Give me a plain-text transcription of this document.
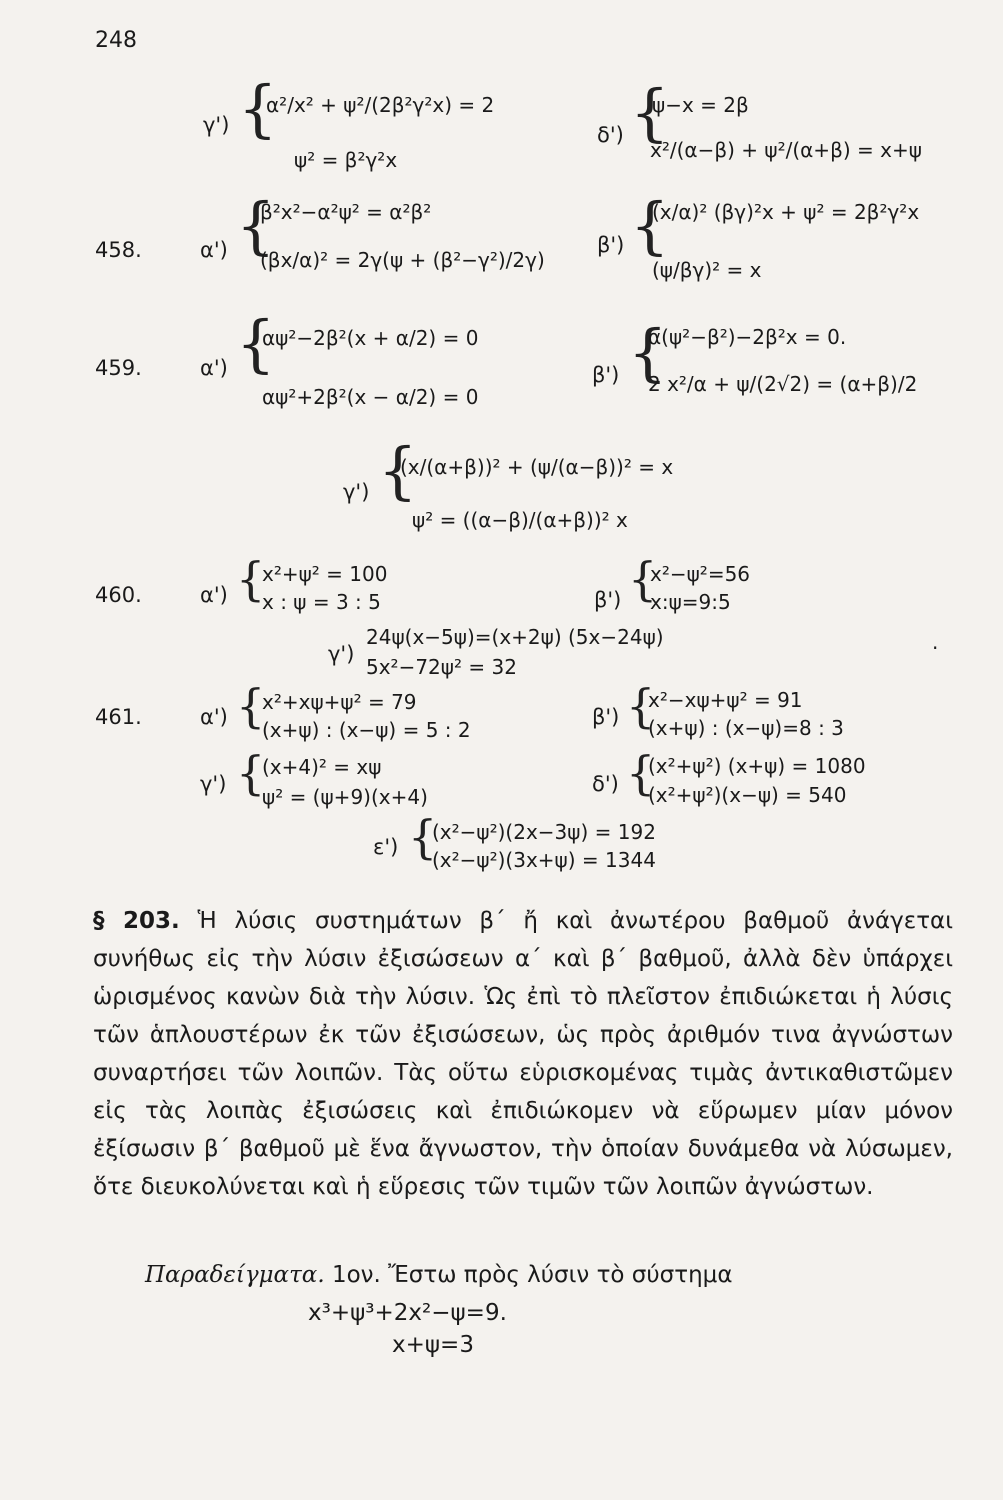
248
γ') {
α²/x² + ψ²/(2β²γ²x) = 2
ψ² = β²γ²x
δ') {
ψ−x = 2β
x²/(α−β) + ψ²/(α+β) = x+ψ
458.	α') {
β²x²−α²ψ² = α²β²
(βx/α)² = 2γ(ψ + (β²−γ²)/2γ)
β') {
(x/α)² (βγ)²x + ψ² = 2β²γ²x
(ψ/βγ)² = x
459.	α') {
αψ²−2β²(x + α/2) = 0
αψ²+2β²(x − α/2) = 0
β') {
α(ψ²−β²)−2β²x = 0.
2 x²/α + ψ/(2√2) = (α+β)/2
γ') {
(x/(α+β))² + (ψ/(α−β))² = x
ψ² = ((α−β)/(α+β))² x
460.	α') {
x²+ψ² = 100
x : ψ = 3 : 5	β') {
x²−ψ²=56
x:ψ=9:5
γ')
24ψ(x−5ψ)=(x+2ψ) (5x−24ψ)
5x²−72ψ² = 32
.
461.	α') {
x²+xψ+ψ² = 79
(x+ψ) : (x−ψ) = 5 : 2
β') {
x²−xψ+ψ² = 91
(x+ψ) : (x−ψ)=8 : 3
γ') {
(x+4)² = xψ
ψ² = (ψ+9)(x+4)
δ') {
(x²+ψ²) (x+ψ) = 1080
(x²+ψ²)(x−ψ) = 540
ε') {
(x²−ψ²)(2x−3ψ) = 192
(x²−ψ²)(3x+ψ) = 1344
§ 203. Ἡ λύσις συστημάτων β΄ ἤ καὶ ἀνωτέρου βαθμοῦ ἀνάγεται συνήθως εἰς τὴν λύσιν ἐξισώσεων α΄ καὶ β΄ βαθμοῦ, ἀλλὰ δὲν ὑπάρχει ὡρισμένος κανὼν διὰ τὴν λύσιν. Ὡς ἐπὶ τὸ πλεῖστον ἐπιδιώκεται ἡ λύσις τῶν ἁπλουστέρων ἐκ τῶν ἐξισώσεων, ὡς πρὸς ἀριθμόν τινα ἀγνώστων συναρτήσει τῶν λοιπῶν. Τὰς οὕτω εὑρισκομένας τιμὰς ἀντικαθιστῶμεν εἰς τὰς λοιπὰς ἐξισώσεις καὶ ἐπιδιώκομεν νὰ εὕρωμεν μίαν μόνον ἐξίσωσιν β΄ βαθμοῦ μὲ ἕνα ἄγνωστον, τὴν ὁποίαν δυνάμεθα νὰ λύσωμεν, ὅτε διευκολύνεται καὶ ἡ εὕρεσις τῶν τιμῶν τῶν λοιπῶν ἀγνώστων.
Παραδείγματα. 1ον. Ἔστω πρὸς λύσιν τὸ σύστημα
x³+ψ³+2x²−ψ=9.
x+ψ=3
